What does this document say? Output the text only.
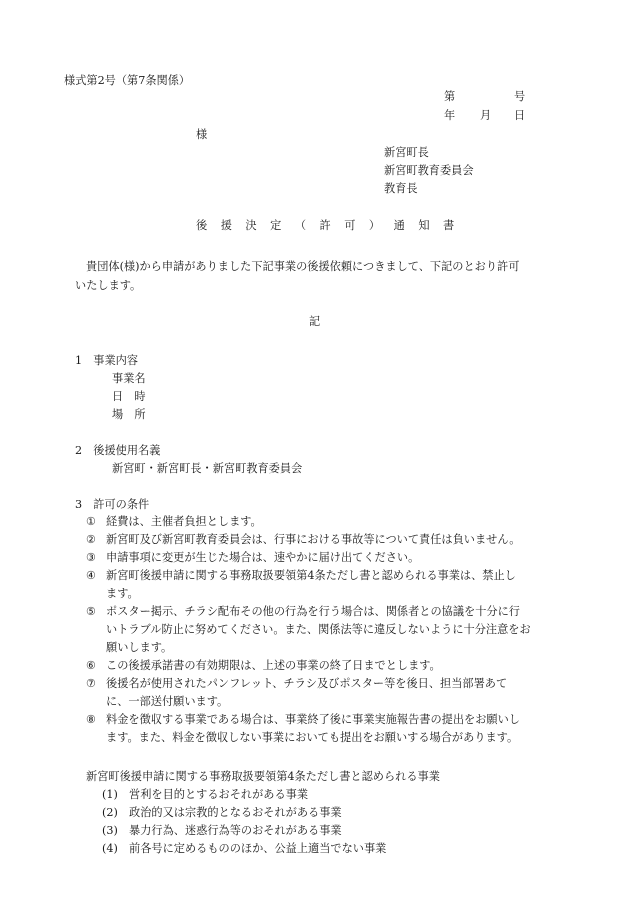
様式第2号（第7条関係）
第	号
年 月 日
様
新宮町長
新宮町教育委員会
教育長
後 援 決 定 （ 許 可 ） 通 知 書
貴団体(様)から申請がありました下記事業の後援依頼につきまして、下記のとおり許可
いたします。
記
1　事業内容
事業名
日　時
場　所
2　後援使用名義
新宮町・新宮町長・新宮町教育委員会
3　許可の条件
① 経費は、主催者負担とします。
② 新宮町及び新宮町教育委員会は、行事における事故等について責任は負いません。
③ 申請事項に変更が生じた場合は、速やかに届け出てください。
④ 新宮町後援申請に関する事務取扱要領第4条ただし書と認められる事業は、禁止し
ます。
⑤ ポスター掲示、チラシ配布その他の行為を行う場合は、関係者との協議を十分に行
いトラブル防止に努めてください。また、関係法等に違反しないように十分注意をお
願いします。
⑥ この後援承諾書の有効期限は、上述の事業の終了日までとします。
⑦ 後援名が使用されたパンフレット、チラシ及びポスター等を後日、担当部署あて
に、一部送付願います。
⑧ 料金を徴収する事業である場合は、事業終了後に事業実施報告書の提出をお願いし
ます。また、料金を徴収しない事業においても提出をお願いする場合があります。
新宮町後援申請に関する事務取扱要領第4条ただし書と認められる事業
(1) 営利を目的とするおそれがある事業
(2) 政治的又は宗教的となるおそれがある事業
(3) 暴力行為、迷惑行為等のおそれがある事業
(4) 前各号に定めるもののほか、公益上適当でない事業
